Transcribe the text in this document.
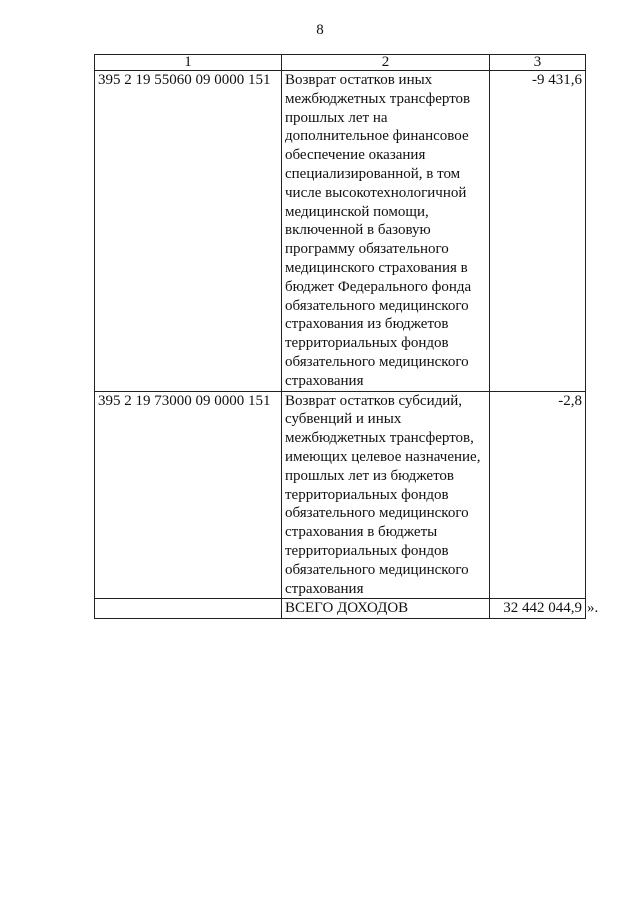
8
1	2	3
395 2 19 55060 09 0000 151	Возврат остатков иных межбюджетных трансфертов прошлых лет на дополнительное финансовое обеспечение оказания специализированной, в том числе высокотехнологичной медицинской помощи, включенной в базовую программу обязательного медицинского страхования в бюджет Федерального фонда обязательного медицинского страхования из бюджетов территориальных фондов обязательного медицинского страхования	-9 431,6
395 2 19 73000 09 0000 151	Возврат остатков субсидий, субвенций и иных межбюджетных трансфертов, имеющих целевое назначение, прошлых лет из бюджетов территориальных фондов обязательного медицинского страхования в бюджеты территориальных фондов обязательного медицинского страхования	-2,8
	ВСЕГО ДОХОДОВ	32 442 044,9 ».
